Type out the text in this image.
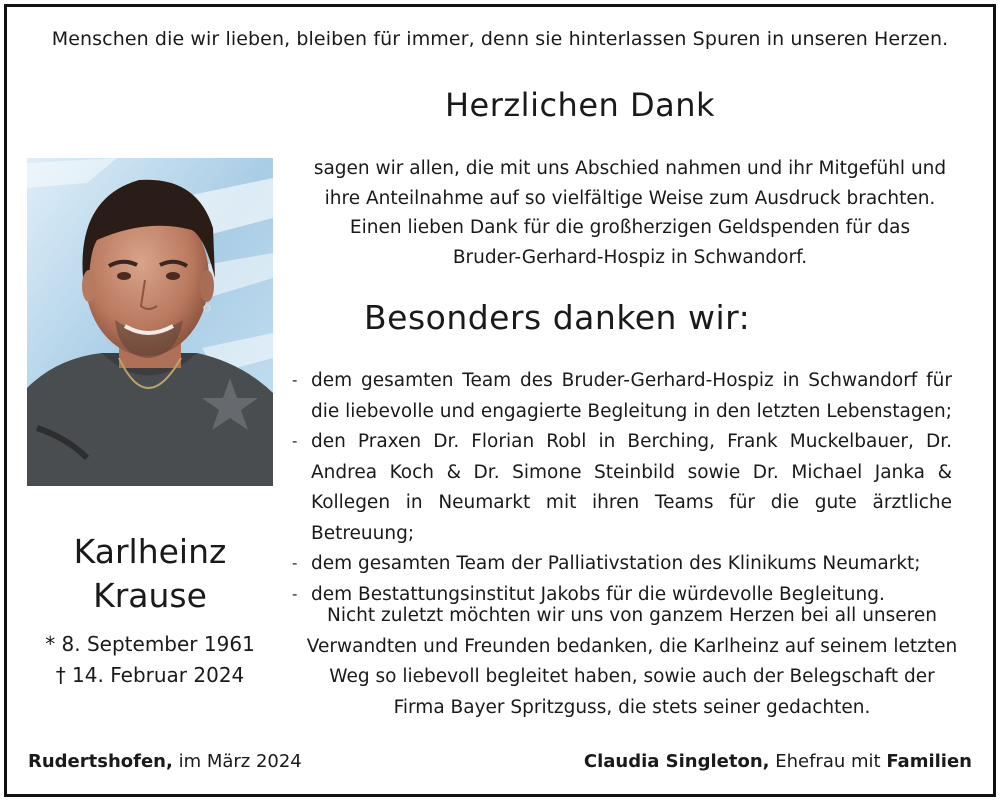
Menschen die wir lieben, bleiben für immer, denn sie hinterlassen Spuren in unseren Herzen.
Herzlichen Dank
sagen wir allen, die mit uns Abschied nahmen und ihr Mitgefühl und
ihre Anteilnahme auf so vielfältige Weise zum Ausdruck brachten.
Einen lieben Dank für die großherzigen Geldspenden für das
Bruder-Gerhard-Hospiz in Schwandorf.
Besonders danken wir:
- dem gesamten Team des Bruder-Gerhard-Hospiz in Schwandorf für die liebevolle und engagierte Begleitung in den letzten Lebenstagen;
- den Praxen Dr. Florian Robl in Berching, Frank Muckelbauer, Dr. Andrea Koch & Dr. Simone Steinbild sowie Dr. Michael Janka & Kollegen in Neumarkt mit ihren Teams für die gute ärztliche Betreuung;
- dem gesamten Team der Palliativstation des Klinikums Neumarkt;
- dem Bestattungsinstitut Jakobs für die würdevolle Begleitung.
Nicht zuletzt möchten wir uns von ganzem Herzen bei all unseren
Verwandten und Freunden bedanken, die Karlheinz auf seinem letzten
Weg so liebevoll begleitet haben, sowie auch der Belegschaft der
Firma Bayer Spritzguss, die stets seiner gedachten.
Karlheinz
Krause
* 8. September 1961
† 14. Februar 2024
Rudertshofen, im März 2024	Claudia Singleton, Ehefrau mit Familien
